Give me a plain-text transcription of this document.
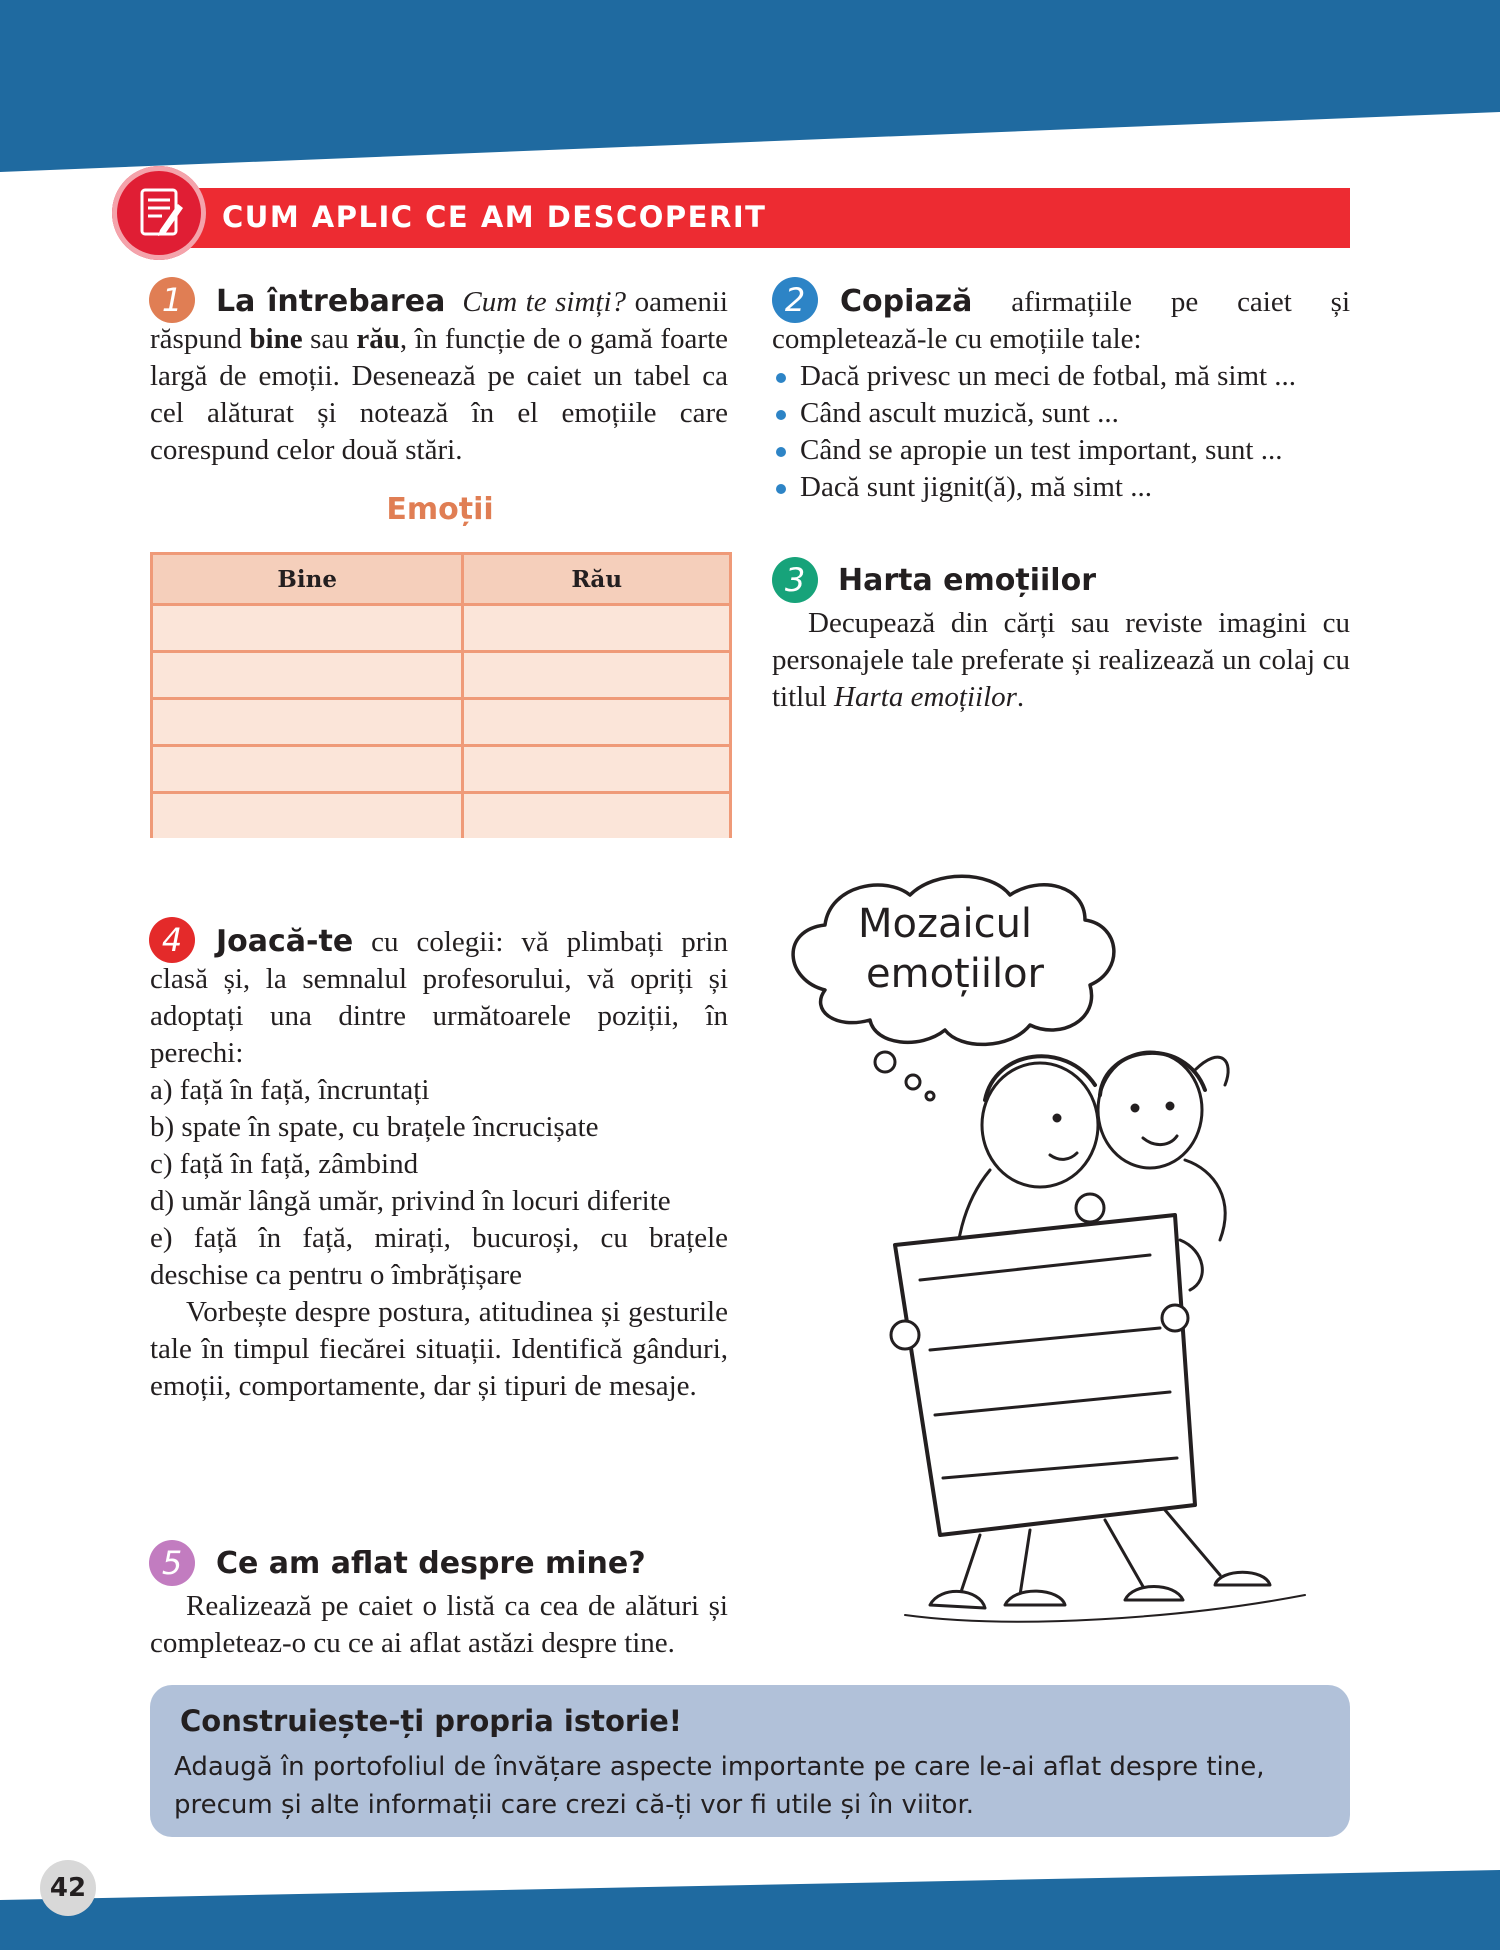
CUM APLIC CE AM DESCOPERIT
1	La întrebarea Cum te simți? oamenii răspund bine sau rău, în funcție de o gamă foarte largă de emoții. Desenează pe caiet un tabel ca cel alăturat și notează în el emoțiile care corespund celor două stări.

Emoții
Bine	Rău

2	Copiază afirmațiile pe caiet și completează-le cu emoțiile tale:

Dacă privesc un meci de fotbal, mă simt ...
Când ascult muzică, sunt ...
Când se apropie un test important, sunt ...
Dacă sunt jignit(ă), mă simt ...
3	Harta emoțiilor

Decupează din cărți sau reviste imagini cu personajele tale preferate și realizează un colaj cu titlul Harta emoțiilor.

4	Joacă-te cu colegii: vă plimbați prin clasă și, la semnalul profesorului, vă opriți și adoptați una dintre următoarele poziții, în perechi:

a) față în față, încruntați

b) spate în spate, cu brațele încrucișate

c) față în față, zâmbind

d) umăr lângă umăr, privind în locuri diferite

e) față în față, mirați, bucuroși, cu brațele deschise ca pentru o îmbrățișare

Vorbește despre postura, atitudinea și gesturile tale în timpul fiecărei situații. Identifică gânduri, emoții, comportamente, dar și tipuri de mesaje.

5	Ce am aflat despre mine?

Realizează pe caiet o listă ca cea de alături și completeaz-o cu ce ai aflat astăzi despre tine.

Mozaicul
emoțiilor
Construiește-ți propria istorie!
Adaugă în portofoliul de învățare aspecte importante pe care le-ai aflat despre tine, precum și alte informații care crezi că-ți vor fi utile și în viitor.
42
